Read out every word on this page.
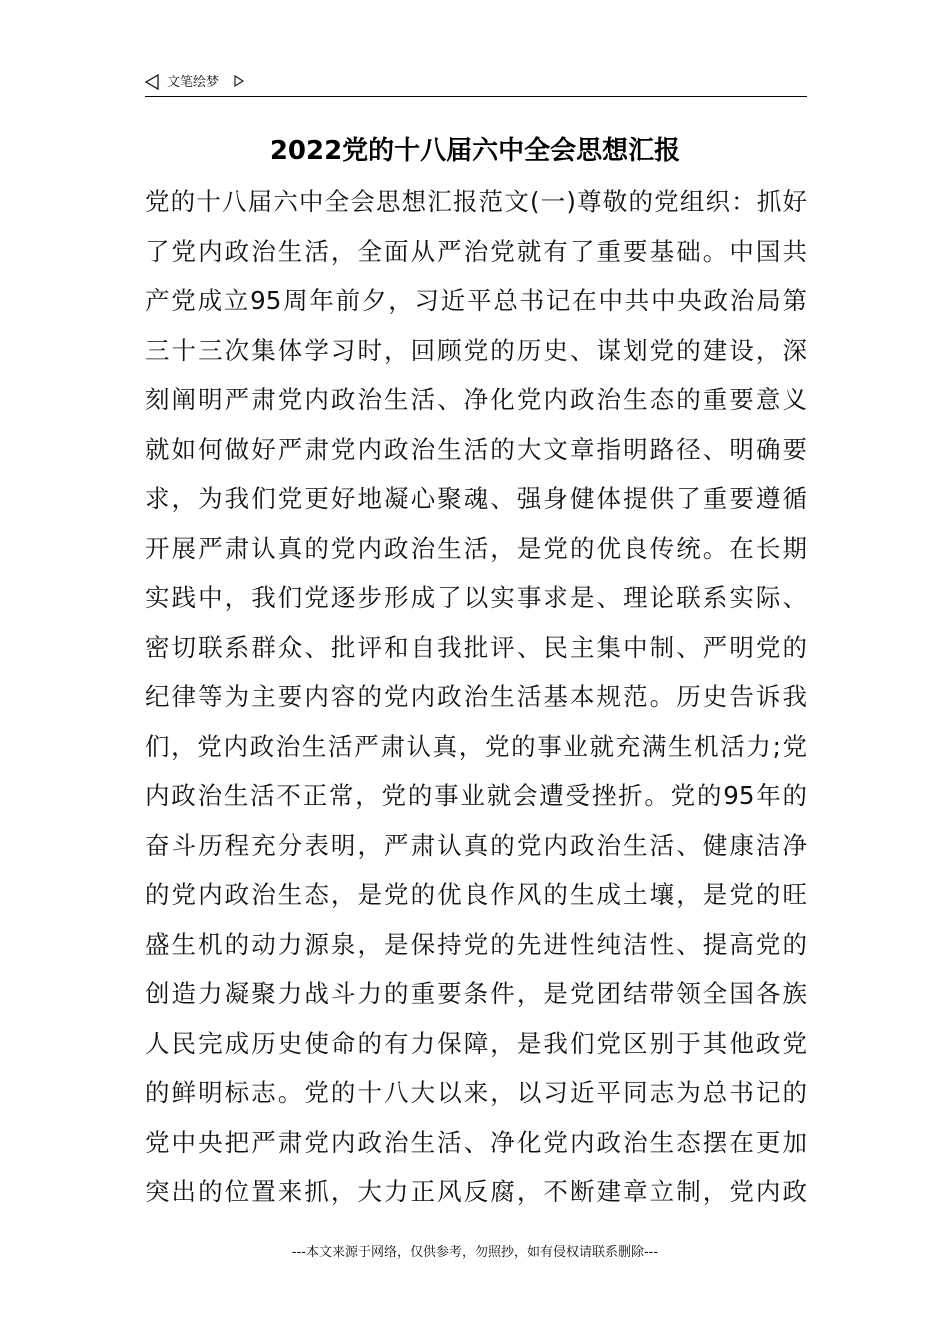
文笔绘梦
2022党的十八届六中全会思想汇报
党的十八届六中全会思想汇报范文(一)尊敬的党组织：抓好
了党内政治生活，全面从严治党就有了重要基础。中国共
产党成立95周年前夕，习近平总书记在中共中央政治局第
三十三次集体学习时，回顾党的历史、谋划党的建设，深
刻阐明严肃党内政治生活、净化党内政治生态的重要意义
就如何做好严肃党内政治生活的大文章指明路径、明确要
求，为我们党更好地凝心聚魂、强身健体提供了重要遵循
开展严肃认真的党内政治生活，是党的优良传统。在长期
实践中，我们党逐步形成了以实事求是、理论联系实际、
密切联系群众、批评和自我批评、民主集中制、严明党的
纪律等为主要内容的党内政治生活基本规范。历史告诉我
们，党内政治生活严肃认真，党的事业就充满生机活力;党
内政治生活不正常，党的事业就会遭受挫折。党的95年的
奋斗历程充分表明，严肃认真的党内政治生活、健康洁净
的党内政治生态，是党的优良作风的生成土壤，是党的旺
盛生机的动力源泉，是保持党的先进性纯洁性、提高党的
创造力凝聚力战斗力的重要条件，是党团结带领全国各族
人民完成历史使命的有力保障，是我们党区别于其他政党
的鲜明标志。党的十八大以来，以习近平同志为总书记的
党中央把严肃党内政治生活、净化党内政治生态摆在更加
突出的位置来抓，大力正风反腐，不断建章立制，党内政
---本文来源于网络，仅供参考，勿照抄，如有侵权请联系删除---
